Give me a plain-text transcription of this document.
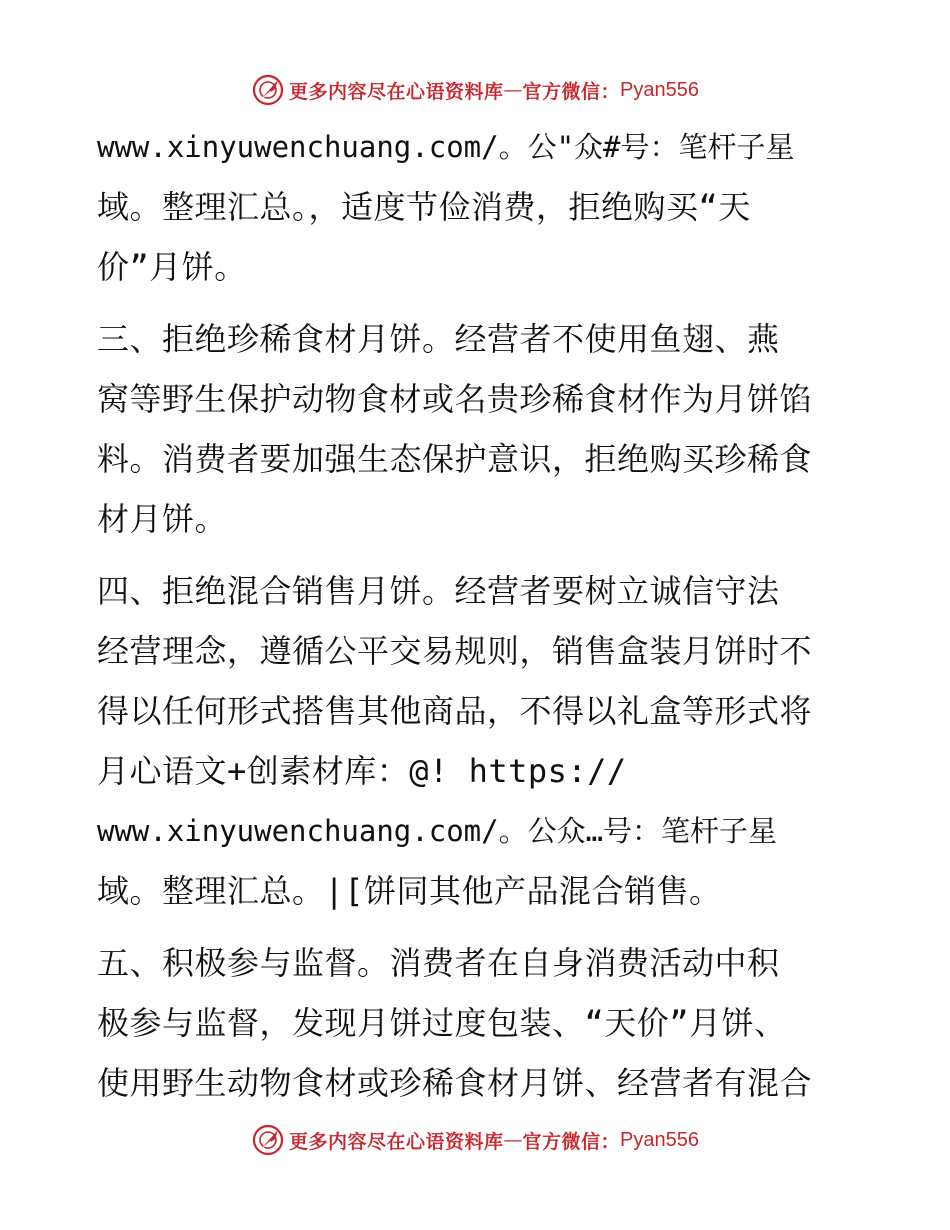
更多内容尽在心语资料库 — 官方微信： Pyan556
www.xinyuwenchuang.com/。公"众#号：笔杆子星
域。整理汇总。，适度节俭消费，拒绝购买“天
价”月饼。
三、拒绝珍稀食材月饼。经营者不使用鱼翅、燕
窝等野生保护动物食材或名贵珍稀食材作为月饼馅
料。消费者要加强生态保护意识，拒绝购买珍稀食
材月饼。
四、拒绝混合销售月饼。经营者要树立诚信守法
经营理念，遵循公平交易规则，销售盒装月饼时不
得以任何形式搭售其他商品，不得以礼盒等形式将
月心语文+创素材库：@! https://
www.xinyuwenchuang.com/。公众…号：笔杆子星
域。整理汇总。|[饼同其他产品混合销售。
五、积极参与监督。消费者在自身消费活动中积
极参与监督，发现月饼过度包装、“天价”月饼、
使用野生动物食材或珍稀食材月饼、经营者有混合
更多内容尽在心语资料库 — 官方微信： Pyan556
